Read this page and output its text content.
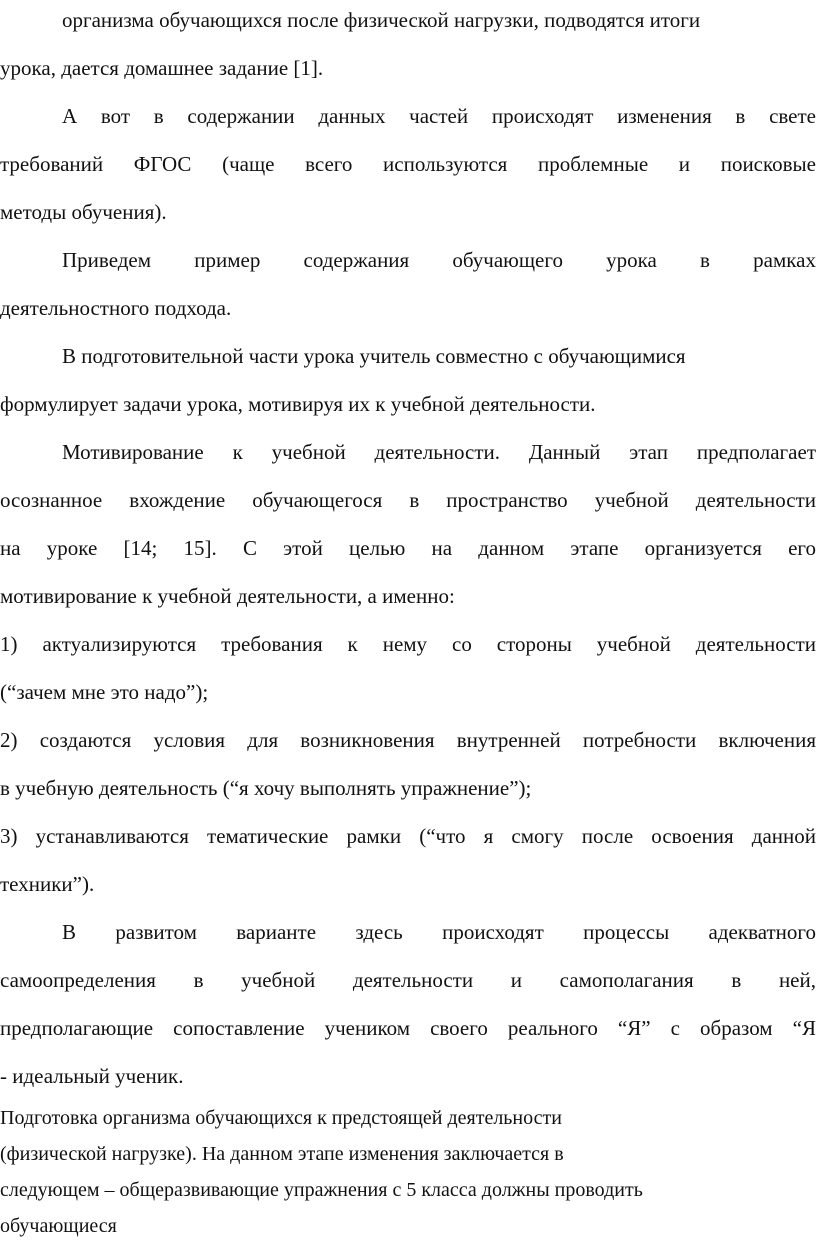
организма обучающихся после физической нагрузки, подводятся итоги

урока, дается домашнее задание [1].

А вот в содержании данных частей происходят изменения в свете

требований ФГОС (чаще всего используются проблемные и поисковые

методы обучения).

Приведем пример содержания обучающего урока в рамках

деятельностного подхода.

В подготовительной части урока учитель совместно с обучающимися

формулирует задачи урока, мотивируя их к учебной деятельности.

Мотивирование к учебной деятельности. Данный этап предполагает

осознанное вхождение обучающегося в пространство учебной деятельности

на уроке [14; 15]. С этой целью на данном этапе организуется его

мотивирование к учебной деятельности, а именно:

1) актуализируются требования к нему со стороны учебной деятельности

(“зачем мне это надо”);

2) создаются условия для возникновения внутренней потребности включения

в учебную деятельность (“я хочу выполнять упражнение”);

3) устанавливаются тематические рамки (“что я смогу после освоения данной

техники”).

В развитом варианте здесь происходят процессы адекватного

самоопределения в учебной деятельности и самополагания в ней,

предполагающие сопоставление учеником своего реального “Я” с образом “Я

- идеальный ученик.

Подготовка организма обучающихся к предстоящей деятельности

(физической нагрузке). На данном этапе изменения заключается в

следующем – общеразвивающие упражнения с 5 класса должны проводить

обучающиеся
